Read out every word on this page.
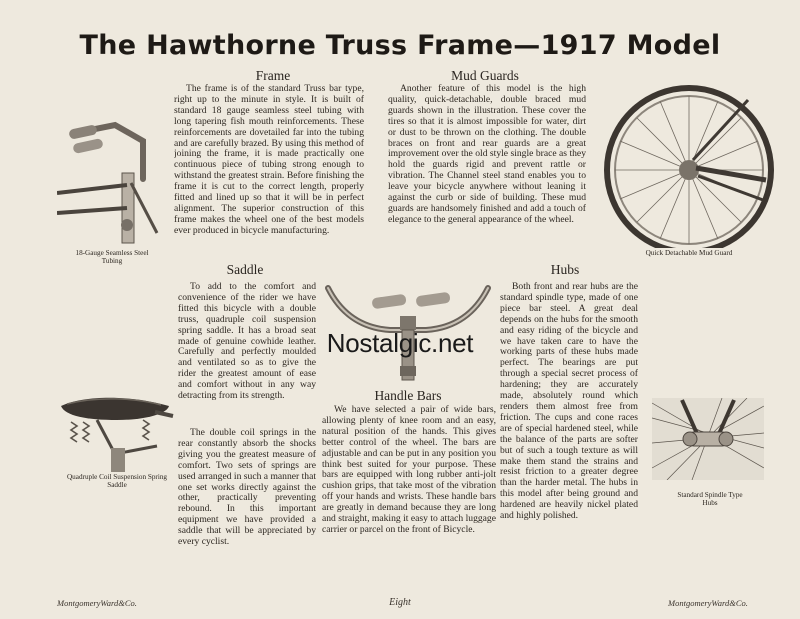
The Hawthorne Truss Frame—1917 Model
Frame
The frame is of the standard Truss bar type, right up to the minute in style. It is built of standard 18 gauge seamless steel tubing with long tapering fish mouth reinforcements. These reinforcements are dovetailed far into the tubing and are carefully brazed. By using this method of joining the frame, it is made practically one continuous piece of tubing strong enough to withstand the greatest strain. Before finishing the frame it is cut to the correct length, properly fitted and lined up so that it will be in perfect alignment. The superior construction of this frame makes the wheel one of the best models ever produced in bicycle manufacturing.
Mud Guards
Another feature of this model is the high quality, quick-detachable, double braced mud guards shown in the illustration. These cover the tires so that it is almost impossible for water, dirt or dust to be thrown on the clothing. The double braces on front and rear guards are a great improvement over the old style single brace as they hold the guards rigid and prevent rattle or vibration. The Channel steel stand enables you to leave your bicycle anywhere without leaning it against the curb or side of building. These mud guards are handsomely finished and add a touch of elegance to the general appearance of the wheel.
Saddle
To add to the comfort and convenience of the rider we have fitted this bicycle with a double truss, quadruple coil suspension spring saddle. It has a broad seat made of genuine cowhide leather. Carefully and perfectly moulded and ventilated so as to give the rider the greatest amount of ease and comfort without in any way detracting from its strength.
The double coil springs in the rear constantly absorb the shocks giving you the greatest measure of comfort. Two sets of springs are used arranged in such a manner that one set works directly against the other, practically preventing rebound. In this important equipment we have provided a saddle that will be appreciated by every cyclist.
Handle Bars
We have selected a pair of wide bars, allowing plenty of knee room and an easy, natural position of the hands. This gives better control of the wheel. The bars are adjustable and can be put in any position you think best suited for your purpose. These bars are equipped with long rubber anti-jolt cushion grips, that take most of the vibration off your hands and wrists. These handle bars are greatly in demand because they are long and straight, making it easy to attach luggage carrier or parcel on the front of Bicycle.
Hubs
Both front and rear hubs are the standard spindle type, made of one piece bar steel. A great deal depends on the hubs for the smooth and easy riding of the bicycle and we have taken care to have the working parts of these hubs made perfect. The bearings are put through a special secret process of hardening; they are accurately made, absolutely round which renders them almost free from friction. The cups and cone races are of special hardened steel, while the balance of the parts are softer but of such a tough texture as will make them stand the strains and resist friction to a greater degree than the harder metal. The hubs in this model after being ground and hardened are heavily nickel plated and highly polished.
18-Gauge Seamless Steel Tubing
Quick Detachable Mud Guard
Nostalgic.net
Quadruple Coil Suspension Spring Saddle
Standard Spindle Type Hubs
MontgomeryWard&Co.	Eight	MontgomeryWard&Co.
